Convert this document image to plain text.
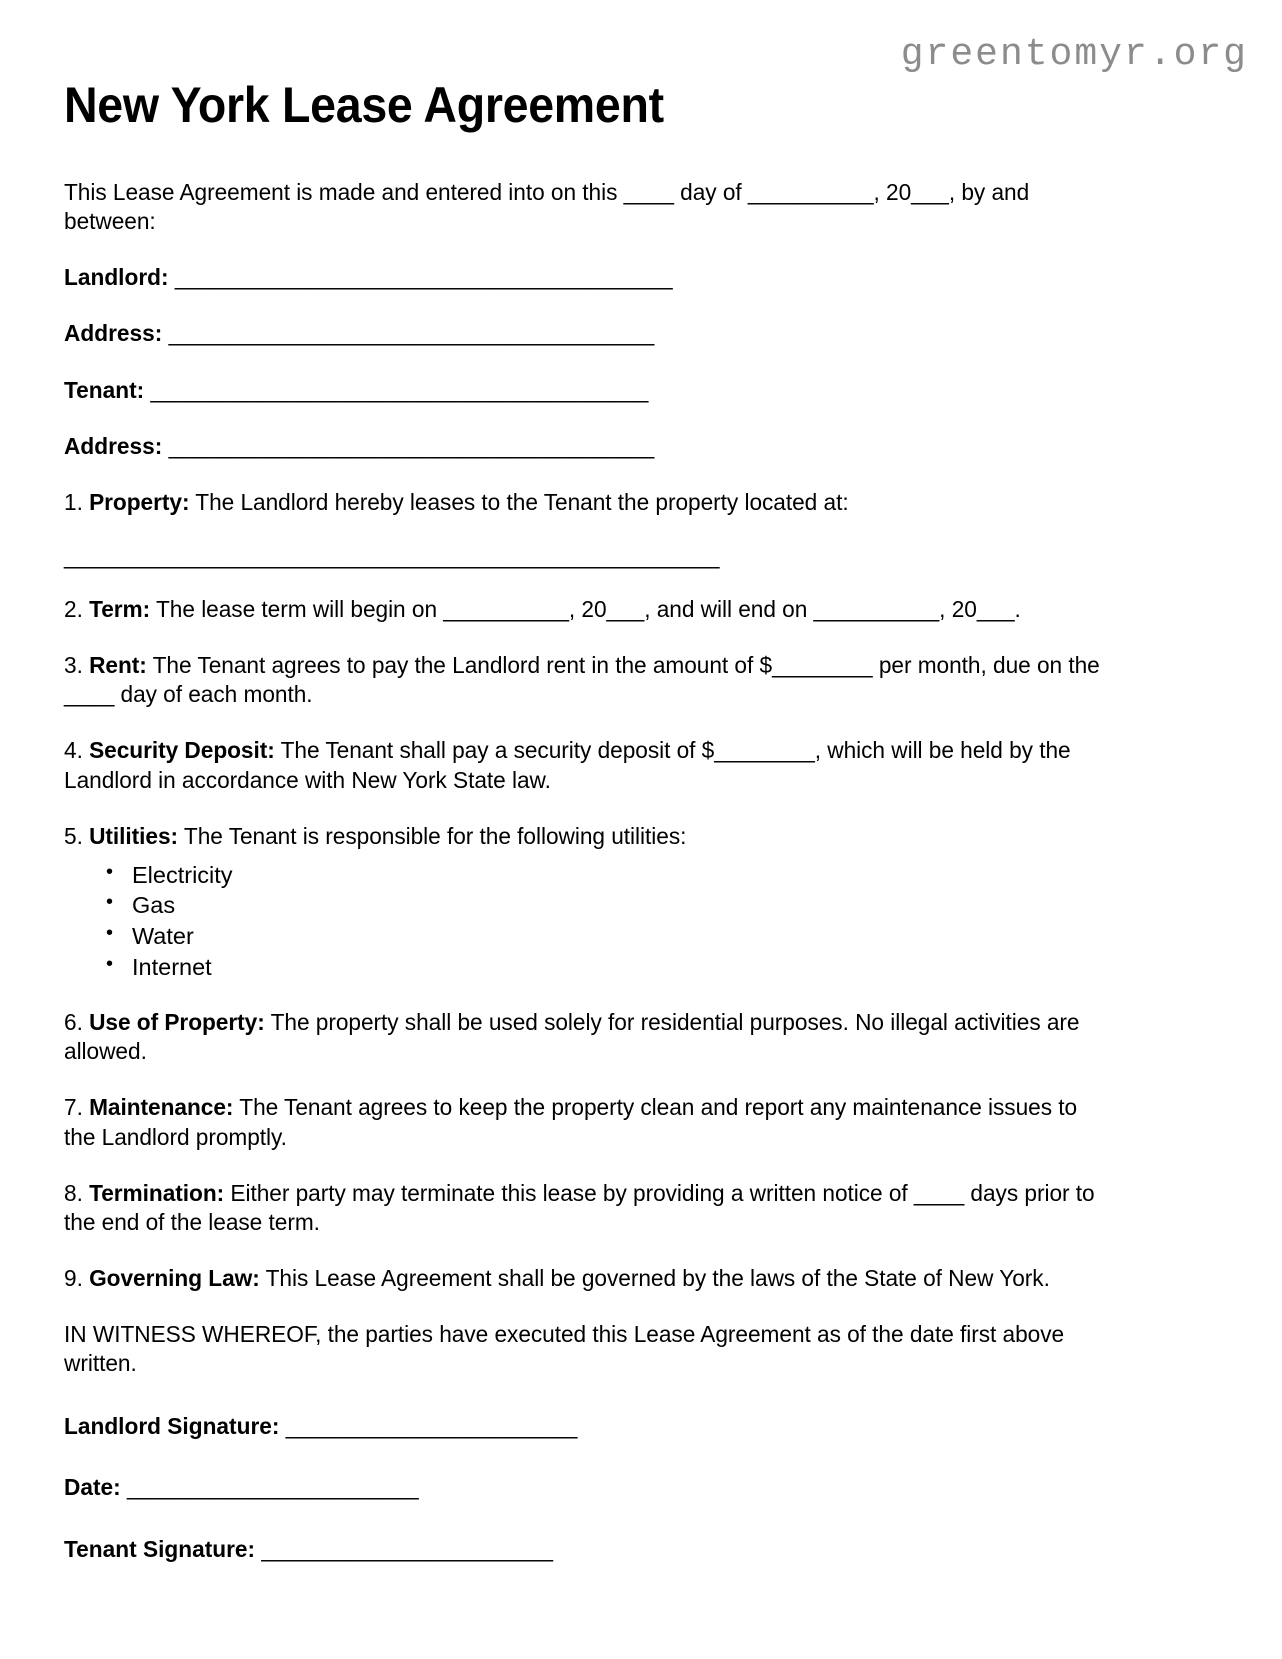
greentomyr.org
New York Lease Agreement

This Lease Agreement is made and entered into on this ____ day of __________, 20___, by and between:

Landlord: _________________________________________
Address: ________________________________________
Tenant: _________________________________________
Address: ________________________________________

1. Property: The Landlord hereby leases to the Tenant the property located at:

______________________________________________________

2. Term: The lease term will begin on __________, 20___, and will end on __________, 20___.

3. Rent: The Tenant agrees to pay the Landlord rent in the amount of $________ per month, due on the ____ day of each month.

4. Security Deposit: The Tenant shall pay a security deposit of $________, which will be held by the Landlord in accordance with New York State law.

5. Utilities: The Tenant is responsible for the following utilities:

• Electricity
• Gas
• Water
• Internet

6. Use of Property: The property shall be used solely for residential purposes. No illegal activities are allowed.

7. Maintenance: The Tenant agrees to keep the property clean and report any maintenance issues to the Landlord promptly.

8. Termination: Either party may terminate this lease by providing a written notice of ____ days prior to the end of the lease term.

9. Governing Law: This Lease Agreement shall be governed by the laws of the State of New York.

IN WITNESS WHEREOF, the parties have executed this Lease Agreement as of the date first above written.

Landlord Signature: ________________________
Date: ________________________
Tenant Signature: ________________________
